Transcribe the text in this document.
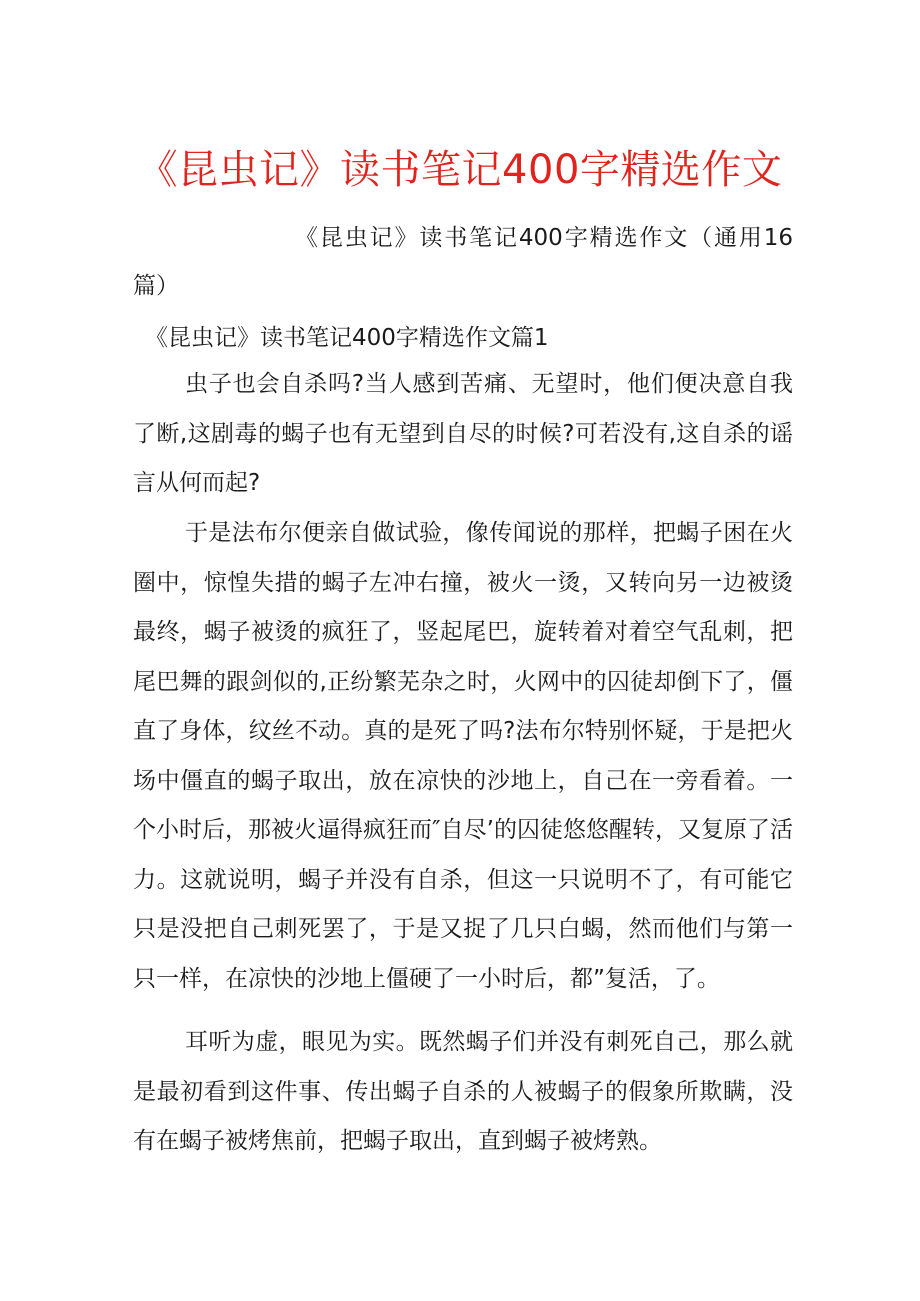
《昆虫记》读书笔记400字精选作文
《昆虫记》读书笔记400字精选作文（通用16篇）
《昆虫记》读书笔记400字精选作文篇1
虫子也会自杀吗?当人感到苦痛、无望时，他们便决意自我了断,这剧毒的蝎子也有无望到自尽的时候?可若没有,这自杀的谣言从何而起?
于是法布尔便亲自做试验，像传闻说的那样，把蝎子困在火圈中，惊惶失措的蝎子左冲右撞，被火一烫，又转向另一边被烫最终，蝎子被烫的疯狂了，竖起尾巴，旋转着对着空气乱刺，把尾巴舞的跟剑似的,正纷繁芜杂之时，火网中的囚徒却倒下了，僵直了身体，纹丝不动。真的是死了吗?法布尔特别怀疑，于是把火场中僵直的蝎子取出，放在凉快的沙地上，自己在一旁看着。一个小时后，那被火逼得疯狂而″自尽’的囚徒悠悠醒转，又复原了活力。这就说明，蝎子并没有自杀，但这一只说明不了，有可能它只是没把自己刺死罢了，于是又捉了几只白蝎，然而他们与第一只一样，在凉快的沙地上僵硬了一小时后，都”复活，了。
耳听为虚，眼见为实。既然蝎子们并没有刺死自己，那么就是最初看到这件事、传出蝎子自杀的人被蝎子的假象所欺瞒，没有在蝎子被烤焦前，把蝎子取出，直到蝎子被烤熟。
